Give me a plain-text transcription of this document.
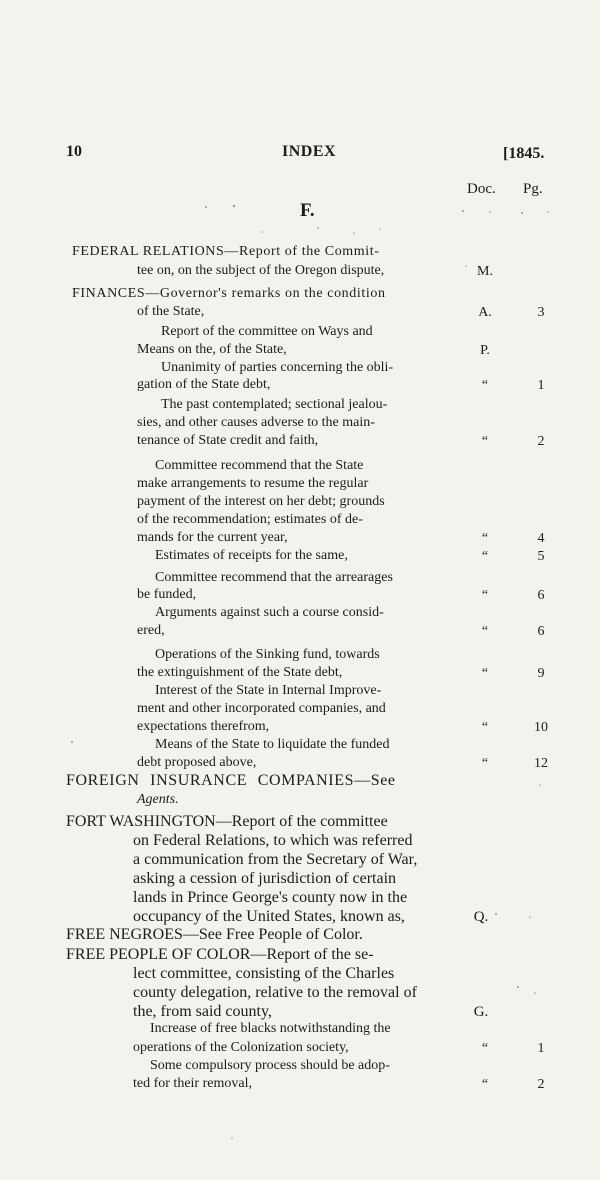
10	INDEX	[1845.
Doc. Pg.
F.
FEDERAL RELATIONS—Report of the Commit-
tee on, on the subject of the Oregon dispute,	M.
FINANCES—Governor's remarks on the condition
of the State,	A.	3
Report of the committee on Ways and
Means on the, of the State,	P.
Unanimity of parties concerning the obli-
gation of the State debt,	“	1
The past contemplated; sectional jealou-
sies, and other causes adverse to the main-
tenance of State credit and faith,	“	2
Committee recommend that the State
make arrangements to resume the regular
payment of the interest on her debt; grounds
of the recommendation; estimates of de-
mands for the current year,	“	4
Estimates of receipts for the same,	“	5
Committee recommend that the arrearages
be funded,	“	6
Arguments against such a course consid-
ered,	“	6
Operations of the Sinking fund, towards
the extinguishment of the State debt,	“	9
Interest of the State in Internal Improve-
ment and other incorporated companies, and
expectations therefrom,	“	10
Means of the State to liquidate the funded
debt proposed above,	“	12
FOREIGN INSURANCE COMPANIES—See
Agents.
FORT WASHINGTON—Report of the committee
on Federal Relations, to which was referred
a communication from the Secretary of War,
asking a cession of jurisdiction of certain
lands in Prince George's county now in the
occupancy of the United States, known as,	Q.
FREE NEGROES—See Free People of Color.
FREE PEOPLE OF COLOR—Report of the se-
lect committee, consisting of the Charles
county delegation, relative to the removal of
the, from said county,	G.
Increase of free blacks notwithstanding the
operations of the Colonization society,	“	1
Some compulsory process should be adop-
ted for their removal,	“	2
